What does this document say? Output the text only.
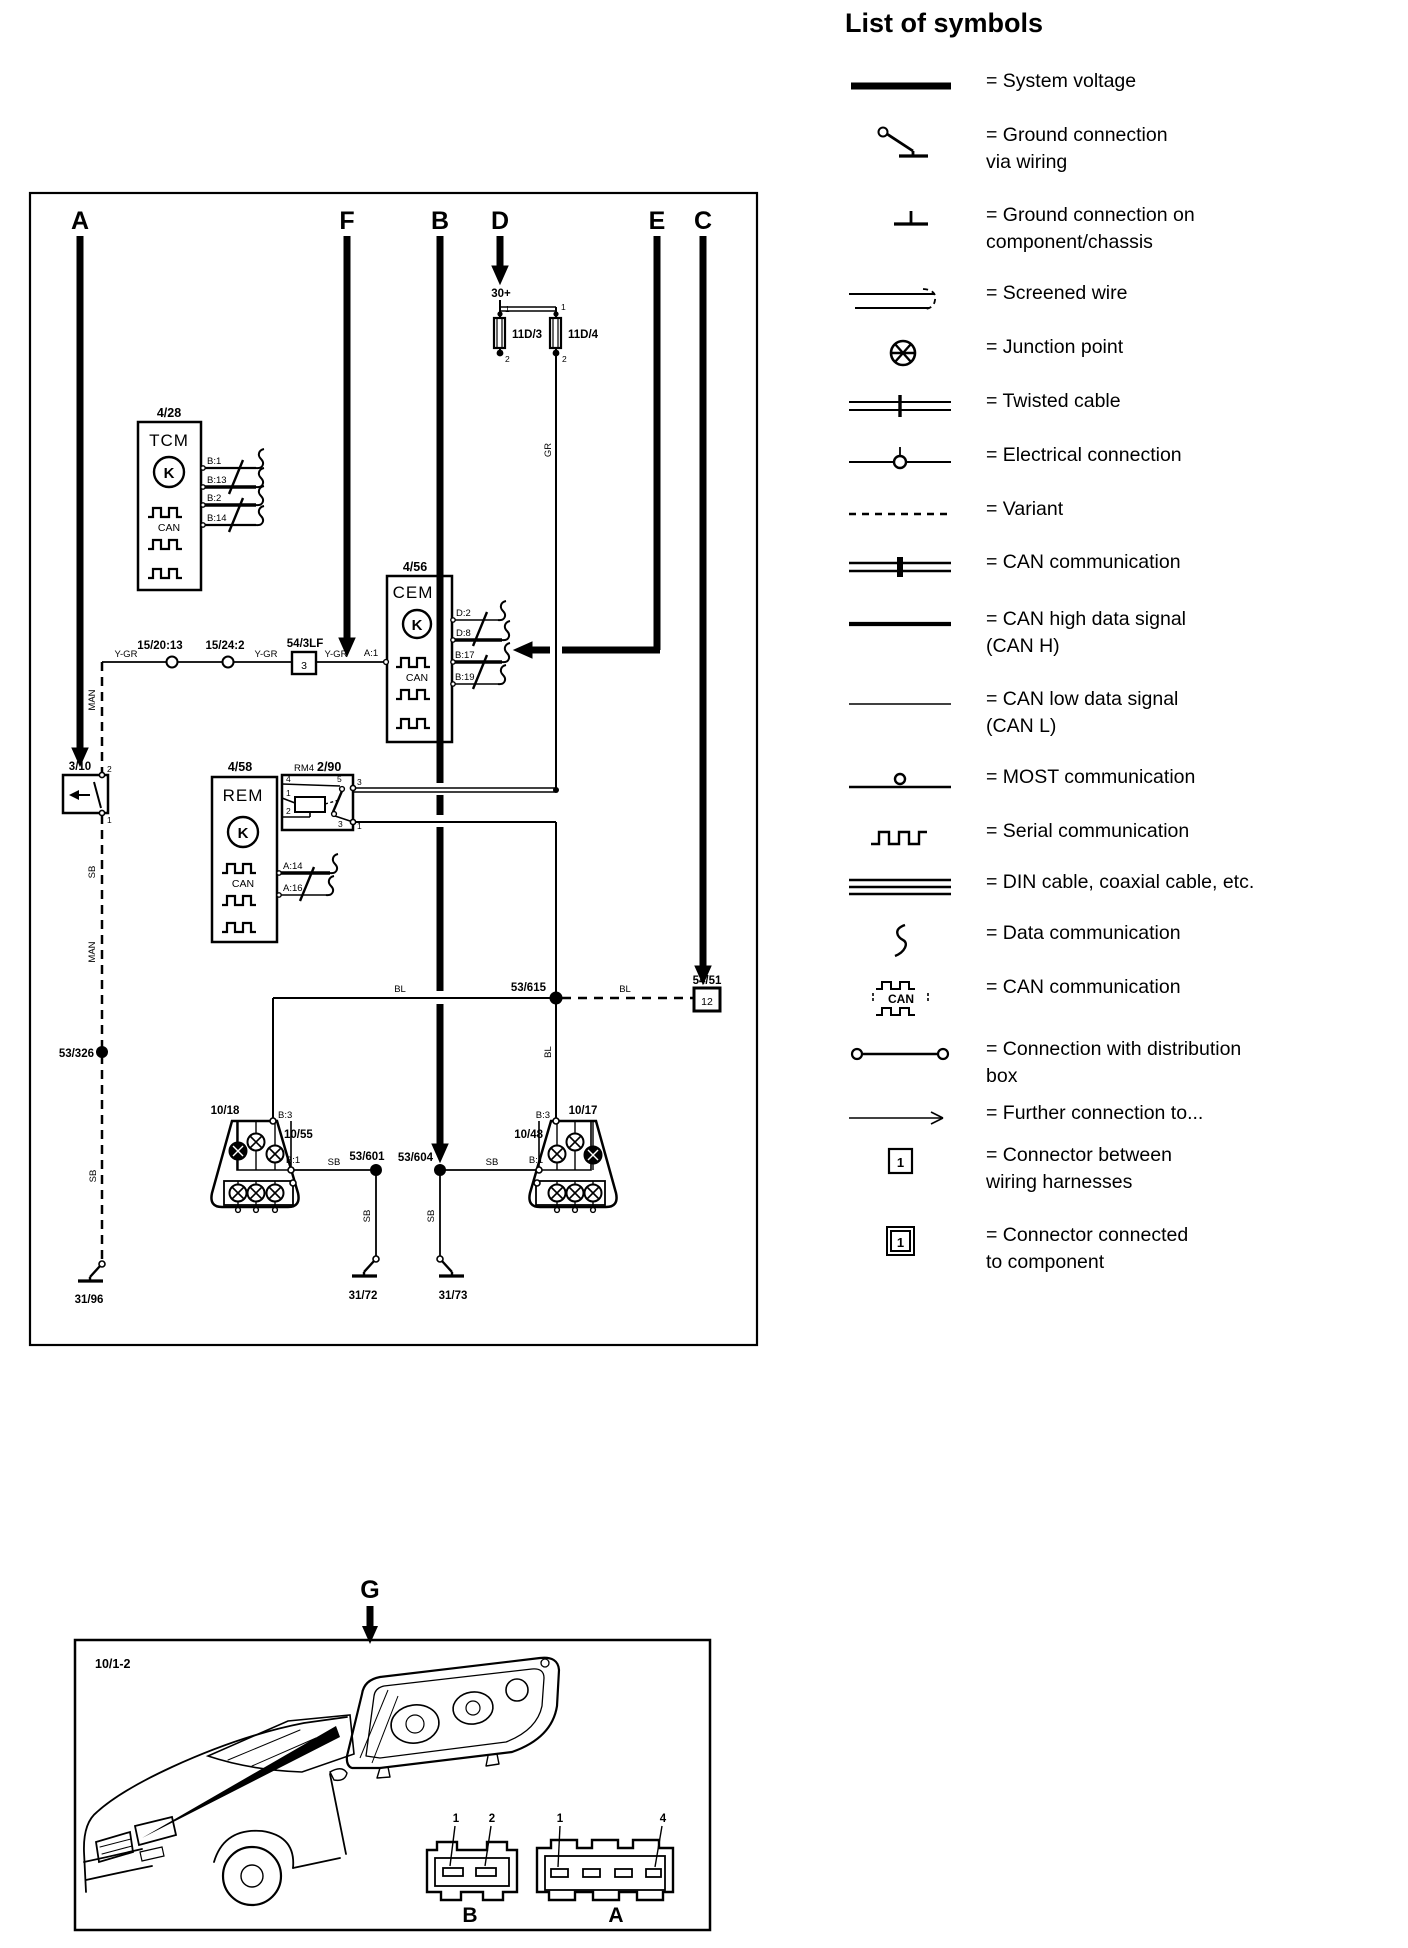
4/56
CEM
K
CAN
A	F	B D	E C
11D/3
1
2
11D/4
1
2
30+
4/28
TCM
K
CAN
B:1
B:13
B:2
B:14
D:2
D:8
B:17
B:19
A:1
Y-GR	Y-GR	Y-GR
15/20:13 15/24:2
3
54/3LF
4/58
REM
K
CAN
A:14
A:16
RM4 2/90
4
1
2
5 3
3 1
3/10 2
1
MAN
SB
MAN
SB
GR
BL
SB	SB
BL	BL
SB	SB
53/326
53/615
53/601 53/604
12
54/51
10/18
10/55
B:3
B:1
10/17
10/48
B:3
B:1
31/96	31/72	31/73
G
10/1-2
1	2
B
1	4
A
List of symbols
= System voltage
= Ground connection
via wiring
= Ground connection on
component/chassis
= Screened wire
= Junction point
= Twisted cable
= Electrical connection
= Variant
= CAN communication
= CAN high data signal
(CAN H)
= CAN low data signal
(CAN L)
= MOST communication
= Serial communication
= DIN cable, coaxial cable, etc.
= Data communication
CAN
= CAN communication
= Connection with distribution
box
= Further connection to...
1	= Connector between
wiring harnesses
1	= Connector connected
to component
